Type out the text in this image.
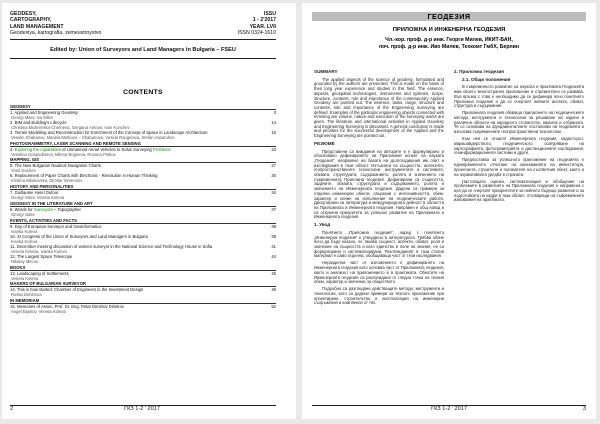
GEODESY,
CARTOGRAPHY,
LAND MANAGEMENT
Geodesiya, kartografia, zemeustroystvo
ISSU
1 - 2'2017
YEAR. LVII
ISSN 0324-1610
Edited by: Union of Surveyors and Land Managers in Bulgaria – FSEU
CONTENTS
GEODESY
1. Applied and Engineering Geodesy	3
Georgi Milev, Ivo Milev
2. BIM and Building's Lifecycle	14
Christina Mickrenska-Cherneva, Gergana Antova, Ivan Kunchev
3. Terrain Modelling and Reconstruction for Enrichment of the Concept of Space in Landscape Architecture	16
Veselin Shabanov, Mariela Metkova – Shabanova, Vesela Rangelova, Stefan Asparuhov
PHOTOGRAMMETRY, LASER SCANNING AND REMOTE SENSING
4. Exploring the capabilities of Unmanned Aerial Vehicles to Solve Surveying Problems	23
Veselina Gospodinova, Milena Bogoeva, Roxana Petkov
MAPPING, GIS
5. The New Bulgarian Nautical Navigation Charts	27
Yordi Duchev
6. Replacement of Paper Charts with Electronic - Revolution in Human Thinking	30
Kristina Milanovska, Dimitar Simeonov
HISTORY AND PERSONALITIES
7. Guillaume Henri Dufour	34
Georgi Valev, Veneta Koteva
GEODESY IN THE LITERATURE AND ART
8. Words for Surveyors – Topographer	37
Georgi Valev
EVENTS, ACTIVITIES AND FACTS
9. Day of European Surveyor and Geoinformatics	38
Ivanka Koleva
10. XI Congress of the Union of Surveyors and Land Managers in Bulgaria	39
Ivanka Koleva
11. December meeting discussion of women surveyor in the National Science and Technology House in Sofia	41
Veneta Koteva, Ivanka Koleva
12. The Largest Space Telescope	44
Nikolay Mitcov
BOOKS
13. Landscaping of Settlements	45
Veneta Koteva
MAKERS OF BULGARIAN SURVEYOR
14. This is how started: Chamber of Engineers in the Investment Design	48
Ruska Dimitrova
IN MEMORIAM
15. Memories of Assoc. Prof. Dr. Eng. Petar Dimitrov Dimitrov	52
Angel Baykov, Veneta Koteva
2	ГКЗ 1-2 ' 2017
ГЕОДЕЗИЯ
ПРИЛОЖНА И ИНЖЕНЕРНА ГЕОДЕЗИЯ
Чл.-кор. проф. д-р инж. Георги Милев, ИКИТ-БАН,
поч. проф. д-р инж. Иво Милев, Техкомт ГмбХ, Берлин
SUMMARY

The applied aspects of the science of geodesy, formulated and grounded by the authors are presented. This is made on the basis of their long year experience and studies in this field. The essence, aspects, geospatial technologies, instruments and systems, scope, structure, contents, role and importance of the contemporary Applied Geodesy are pointed out. The essence, tasks, range, structure and contents, role and importance of the Engineering Surveying are defined. Examples of the particular engineering objects connected with trimming are volume, nature and execution of the surveying works are given. The literature and international activities in Applied Geodesy and Engineering Surveying is discussed. A general conclusion is made and priorities for the successful development of the Applied and the Engineering Surveying are pointed out.

РЕЗЮМЕ

Представени са виждания на авторите и е формулирано и обосновано дефинирането на Приложния аспект на науката „Геодезия“, направено на базата на дългогодишния им опит и изследвания в тази област. Изтъкнати са същността, аспектите, геопространствените технологии, инструментите и системите, обхвата, структурата, съдържанието, ролята и значението на съвременната Приложна геодезия. Дефинирани са същността, задачите, обхвата, структурата и съдържанието, ролята и значението на Инженерната геодезия. Дадени са примери за отделни инженерни обекти, свързани с интензивността, обем, характер и начин на изпълнение на геодезическите работи. Дискутирани са литература и международната дейност в областта на Приложната и Инженерната геодезия. Направен е общ извод и са откроени приоритети за успешно развитие на Приложната и Инженерната геодезия.

1. Увод

Понятието „Приложна геодезия“, наред с понятието „Инженерна геодезия“ е утвърдено в литературата. Трябва обаче ясно да бъде казано, че такава същност, аспекти, обхват, роля и значение на същността ѝ като единство и поле на знания, не са формулирани и систематизирани. Разглежданият в тази статия материал е само отделна, обобщаваща част от тези изследвания.

Неразделна част от изложението е дефинирането на Инженерната геодезия като основна част от Приложната геодезия, както и анализът на приложението ѝ в практиката. Обектите на Инженерната геодезия са разглеждани от гледна точка на техния обем, характер и значение за обществото.

Подробно са разгледани действащите методи, инструменти и технологии, като са дадени примери за тяхното приложение при проектиране, строителство и експлоатация на инженерни съоръжения и комплекси от тях.

2. Приложна геодезия
2.1. Общи положения

В съвременното развитие на науката и практиката Геодезията има своето многостранно приложение и стремително се развива. Във връзка с това е необходимо да се дефинира ясно понятието Приложна геодезия и да се очертаят нейните аспекти, обхват, структура и съдържание.

Приложната геодезия обхваща прилагането на геодезическите методи, инструменти и технологии за решаване на задачи в различни области на народното стопанство, науката и отбраната. Тя се основава на фундаменталните постановки на геодезията и използва съвременните геопространствени технологии.

Към нея се отнасят Инженерната геодезия, кадастърът, маркшайдерството, геодезическото осигуряване на картографията, фотограметрията и дистанционните изследвания, геоинформационните системи и други.

Предпоставка за успешното приложение на геодезията е едновременното отчитане на изискванията на инвеститора, проектанта, строителя и ползвателя на съответния обект, както и на нормативната уредба в страната.

Настоящата оценка, систематизация и обобщение на проблемите в развитието на Приложната геодезия е направена с цел да се очертаят приоритетите за нейното бъдещо развитие и за подготовката на кадри в тази област, отговарящи на съвременните изисквания на практиката.

ГКЗ 1-2 ' 2017	3
